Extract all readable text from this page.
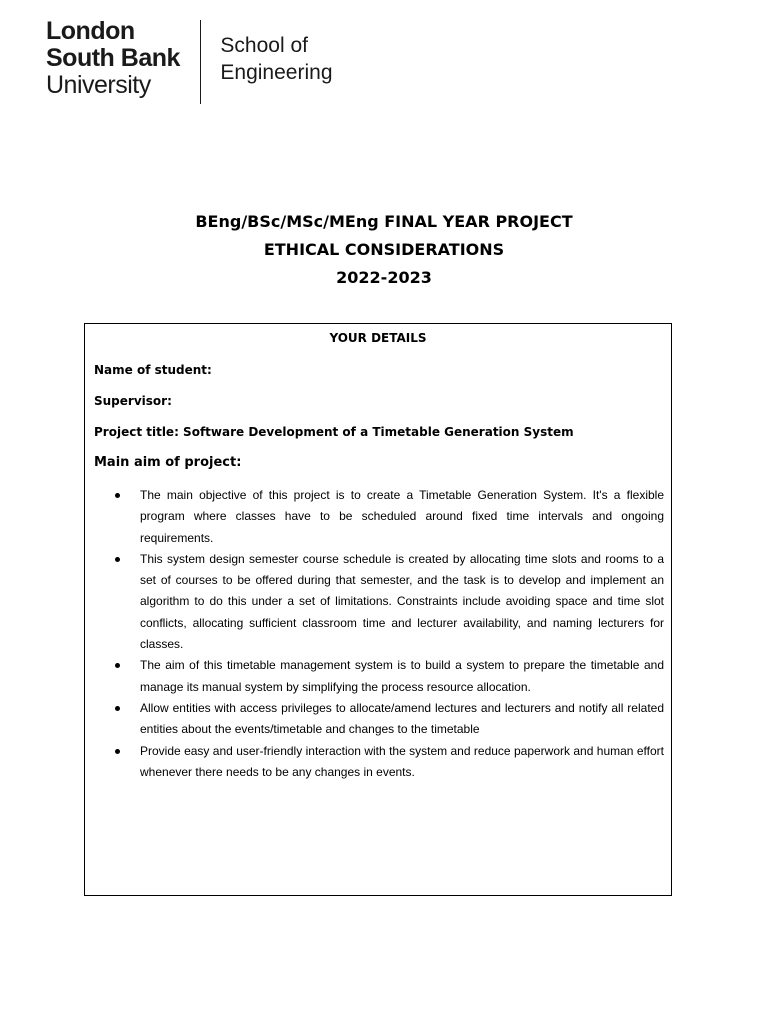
London
South Bank
University
School of
Engineering
BEng/BSc/MSc/MEng FINAL YEAR PROJECT
ETHICAL CONSIDERATIONS
2022-2023
YOUR DETAILS
Name of student:
Supervisor:
Project title: Software Development of a Timetable Generation System
Main aim of project:
The main objective of this project is to create a Timetable Generation System. It's a flexible program where classes have to be scheduled around fixed time intervals and ongoing requirements.
This system design semester course schedule is created by allocating time slots and rooms to a set of courses to be offered during that semester, and the task is to develop and implement an algorithm to do this under a set of limitations. Constraints include avoiding space and time slot conflicts, allocating sufficient classroom time and lecturer availability, and naming lecturers for classes.
The aim of this timetable management system is to build a system to prepare the timetable and manage its manual system by simplifying the process resource allocation.
Allow entities with access privileges to allocate/amend lectures and lecturers and notify all related entities about the events/timetable and changes to the timetable
Provide easy and user-friendly interaction with the system and reduce paperwork and human effort whenever there needs to be any changes in events.
